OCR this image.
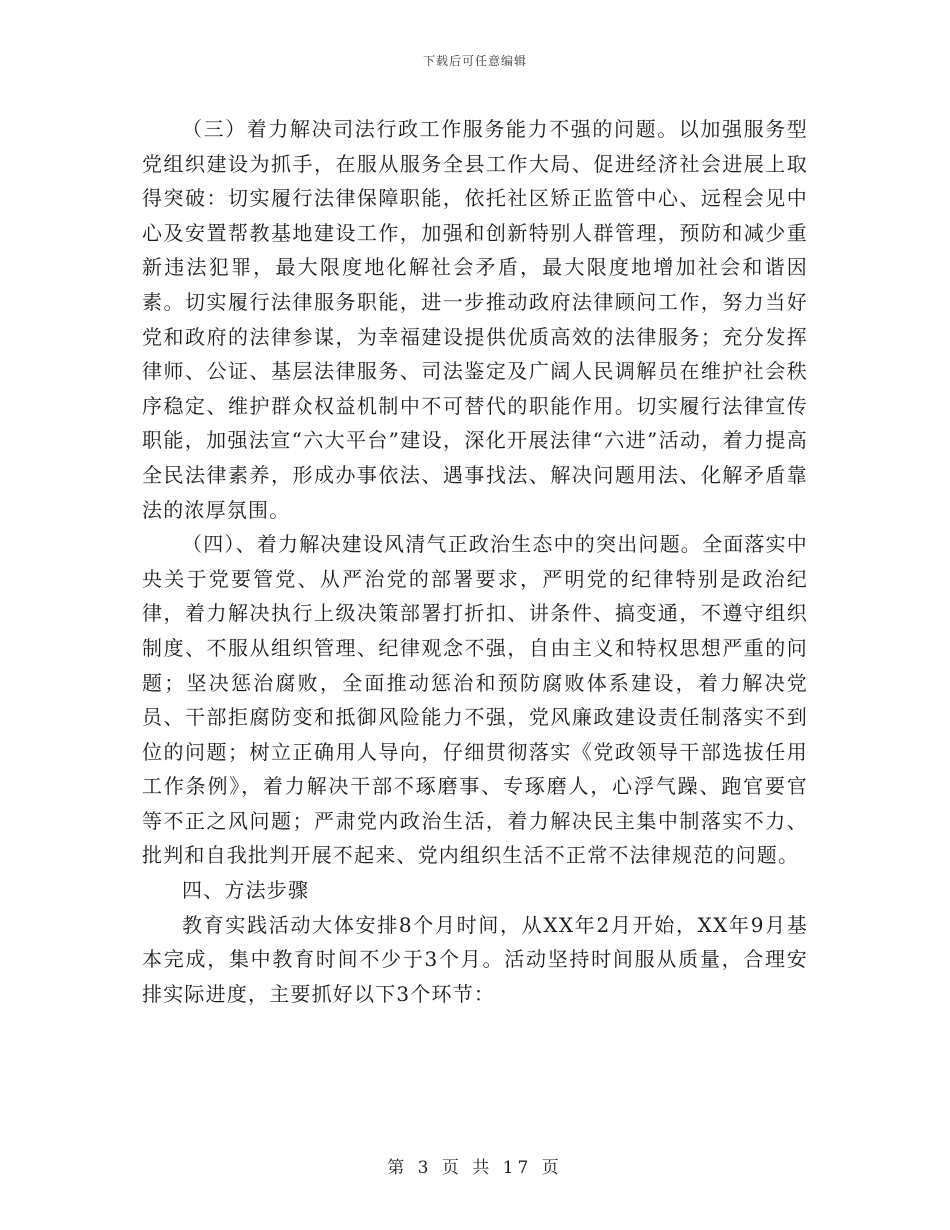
下载后可任意编辑

（三）着力解决司法行政工作服务能力不强的问题。以加强服务型党组织建设为抓手，在服从服务全县工作大局、促进经济社会进展上取得突破：切实履行法律保障职能，依托社区矫正监管中心、远程会见中心及安置帮教基地建设工作，加强和创新特别人群管理，预防和减少重新违法犯罪，最大限度地化解社会矛盾，最大限度地增加社会和谐因素。切实履行法律服务职能，进一步推动政府法律顾问工作，努力当好党和政府的法律参谋，为幸福建设提供优质高效的法律服务；充分发挥律师、公证、基层法律服务、司法鉴定及广阔人民调解员在维护社会秩序稳定、维护群众权益机制中不可替代的职能作用。切实履行法律宣传职能，加强法宣“六大平台”建设，深化开展法律“六进”活动，着力提高全民法律素养，形成办事依法、遇事找法、解决问题用法、化解矛盾靠法的浓厚氛围。

（四）、着力解决建设风清气正政治生态中的突出问题。全面落实中央关于党要管党、从严治党的部署要求，严明党的纪律特别是政治纪律，着力解决执行上级决策部署打折扣、讲条件、搞变通，不遵守组织制度、不服从组织管理、纪律观念不强，自由主义和特权思想严重的问题；坚决惩治腐败，全面推动惩治和预防腐败体系建设，着力解决党员、干部拒腐防变和抵御风险能力不强，党风廉政建设责任制落实不到位的问题；树立正确用人导向，仔细贯彻落实《党政领导干部选拔任用工作条例》，着力解决干部不琢磨事、专琢磨人，心浮气躁、跑官要官等不正之风问题；严肃党内政治生活，着力解决民主集中制落实不力、批判和自我批判开展不起来、党内组织生活不正常不法律规范的问题。

四、方法步骤

教育实践活动大体安排8个月时间，从XX年2月开始，XX年9月基本完成，集中教育时间不少于3个月。活动坚持时间服从质量，合理安排实际进度，主要抓好以下3个环节：

第 3 页 共 17 页
